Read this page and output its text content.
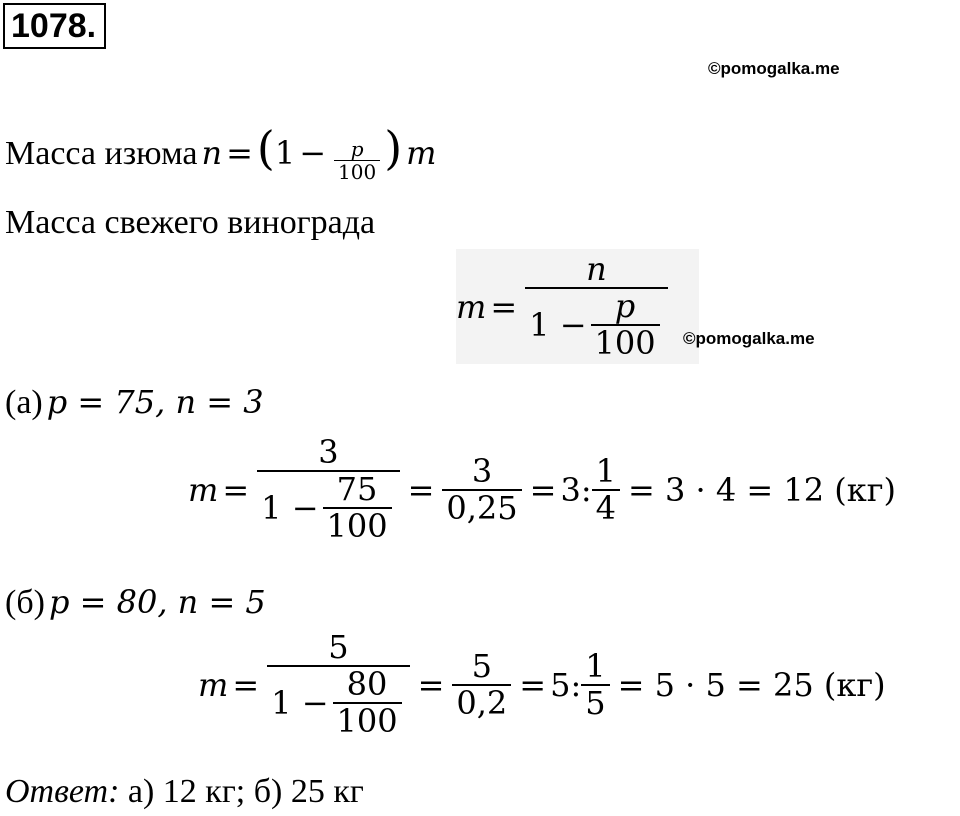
1078.
©pomogalka.me
Масса изюма $n = (1 - \frac{p}{100}$ ) m
Масса свежего винограда
m = n
1
− $\frac{p}{100}$ ©pomogalka.me
(а) p = 75, n = 3
$m = \frac{3}{1 - \frac{75}{100}} = \frac{3}{0,25} = 3$: $\frac{1}{4} = 3 \cdot 4 = 12$ (кг)
(б) p = 80, n = 5
$m = \frac{5}{1 - \frac{80}{100}} = \frac{5}{0,2} = 5$: $\frac{1}{5} = 5 \cdot 5 = 25$ (кг)
Ответ: а) 12 кг; б) 25 кг
